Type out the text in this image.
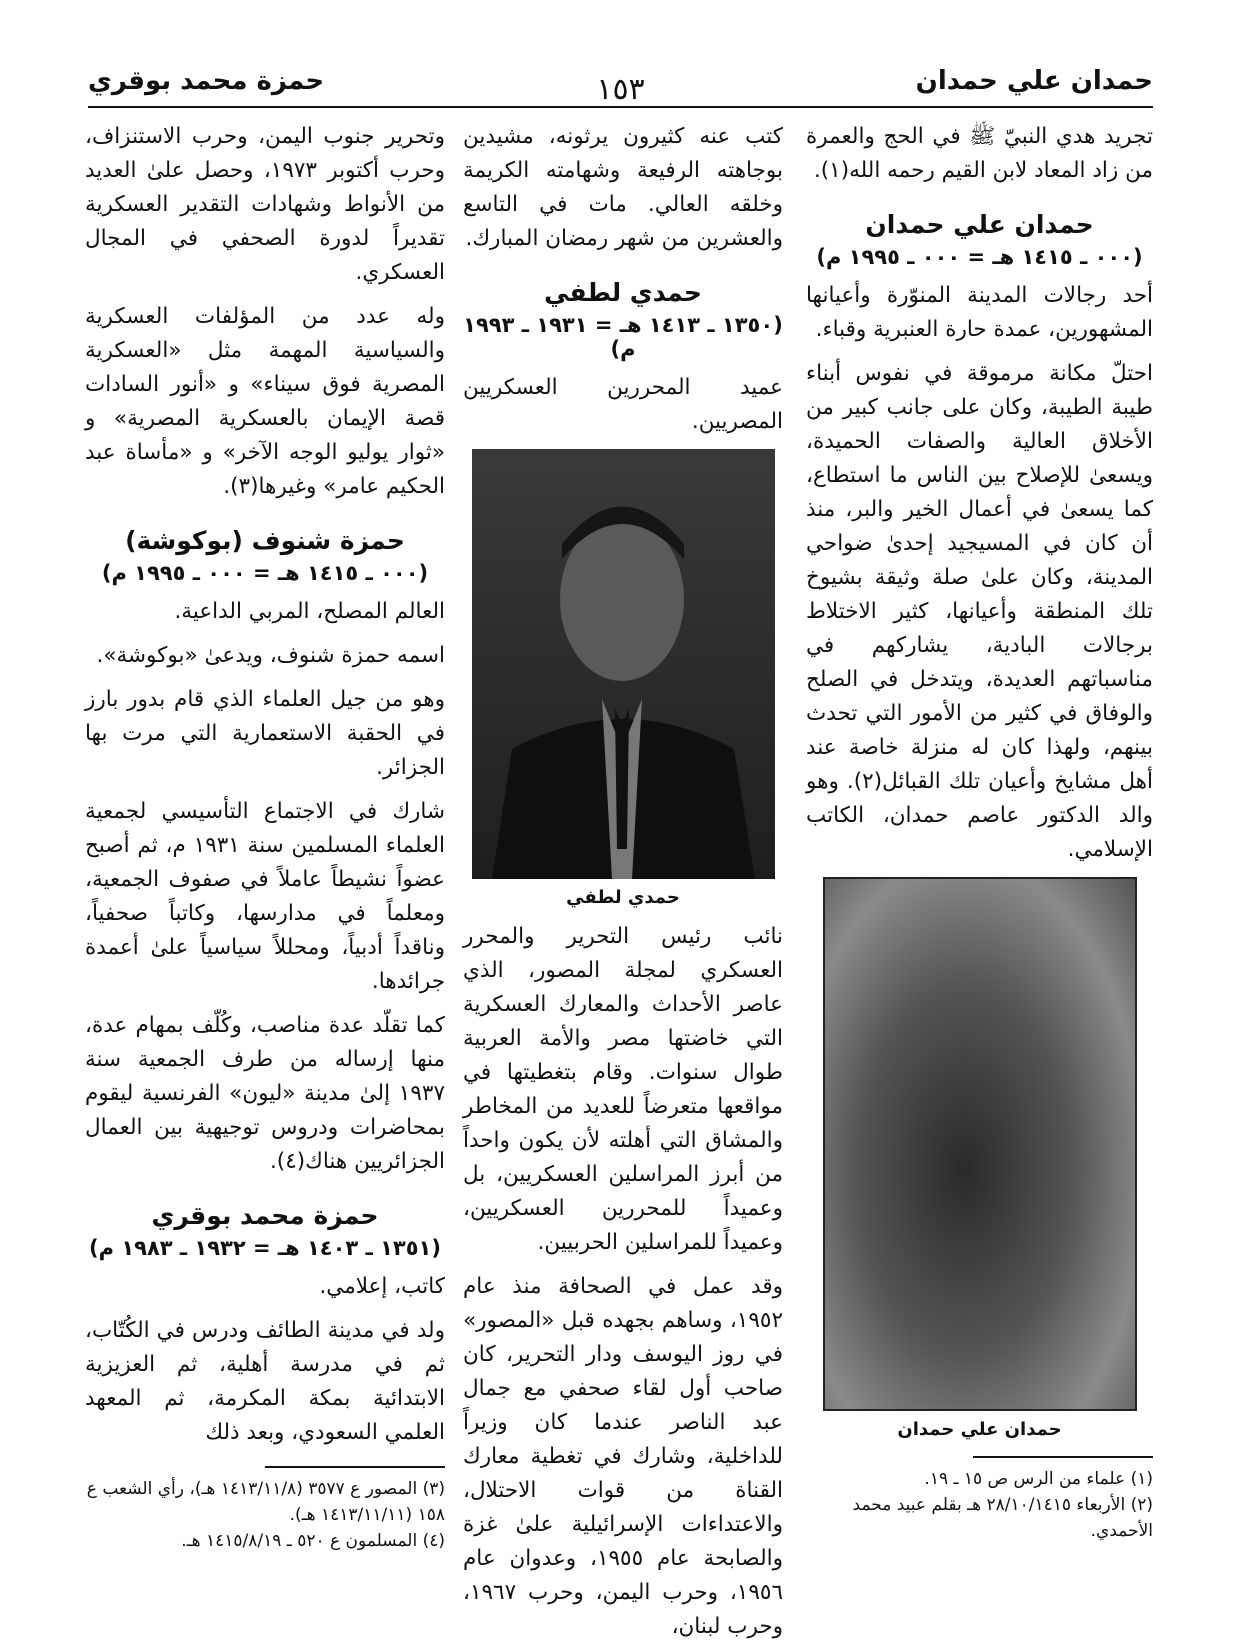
حمدان علي حمدان
١٥٣
حمزة محمد بوقري

تجريد هدي النبيّ ﷺ في الحج والعمرة من زاد المعاد لابن القيم رحمه الله(١).

حمدان علي حمدان
(٠٠٠ ـ ١٤١٥ هـ = ٠٠٠ ـ ١٩٩٥ م)

أحد رجالات المدينة المنوّرة وأعيانها المشهورين، عمدة حارة العنبرية وقباء.

احتلّ مكانة مرموقة في نفوس أبناء طيبة الطيبة، وكان على جانب كبير من الأخلاق العالية والصفات الحميدة، ويسعىٰ للإصلاح بين الناس ما استطاع، كما يسعىٰ في أعمال الخير والبر، منذ أن كان في المسيجيد إحدىٰ ضواحي المدينة، وكان علىٰ صلة وثيقة بشيوخ تلك المنطقة وأعيانها، كثير الاختلاط برجالات البادية، يشاركهم في مناسباتهم العديدة، ويتدخل في الصلح والوفاق في كثير من الأمور التي تحدث بينهم، ولهذا كان له منزلة خاصة عند أهل مشايخ وأعيان تلك القبائل(٢). وهو والد الدكتور عاصم حمدان، الكاتب الإسلامي.

حمدان علي حمدان

(١) علماء من الرس ص ١٥ ـ ١٩.

(٢) الأربعاء ٢٨/١٠/١٤١٥ هـ بقلم عبيد محمد الأحمدي.

كتب عنه كثيرون يرثونه، مشيدين بوجاهته الرفيعة وشهامته الكريمة وخلقه العالي. مات في التاسع والعشرين من شهر رمضان المبارك.

حمدي لطفي
(١٣٥٠ ـ ١٤١٣ هـ = ١٩٣١ ـ ١٩٩٣ م)

عميد المحررين العسكريين المصريين.

حمدي لطفي

نائب رئيس التحرير والمحرر العسكري لمجلة المصور، الذي عاصر الأحداث والمعارك العسكرية التي خاضتها مصر والأمة العربية طوال سنوات. وقام بتغطيتها في مواقعها متعرضاً للعديد من المخاطر والمشاق التي أهلته لأن يكون واحداً من أبرز المراسلين العسكريين، بل وعميداً للمحررين العسكريين، وعميداً للمراسلين الحربيين.

وقد عمل في الصحافة منذ عام ١٩٥٢، وساهم بجهده قبل «المصور» في روز اليوسف ودار التحرير، كان صاحب أول لقاء صحفي مع جمال عبد الناصر عندما كان وزيراً للداخلية، وشارك في تغطية معارك القناة من قوات الاحتلال، والاعتداءات الإسرائيلية علىٰ غزة والصابحة عام ١٩٥٥، وعدوان عام ١٩٥٦، وحرب اليمن، وحرب ١٩٦٧، وحرب لبنان،

وتحرير جنوب اليمن، وحرب الاستنزاف، وحرب أكتوبر ١٩٧٣، وحصل علىٰ العديد من الأنواط وشهادات التقدير العسكرية تقديراً لدورة الصحفي في المجال العسكري.

وله عدد من المؤلفات العسكرية والسياسية المهمة مثل «العسكرية المصرية فوق سيناء» و «أنور السادات قصة الإيمان بالعسكرية المصرية» و «ثوار يوليو الوجه الآخر» و «مأساة عبد الحكيم عامر» وغيرها(٣).

حمزة شنوف (بوكوشة)
(٠٠٠ ـ ١٤١٥ هـ = ٠٠٠ ـ ١٩٩٥ م)

العالم المصلح، المربي الداعية.

اسمه حمزة شنوف، ويدعىٰ «بوكوشة».

وهو من جيل العلماء الذي قام بدور بارز في الحقبة الاستعمارية التي مرت بها الجزائر.

شارك في الاجتماع التأسيسي لجمعية العلماء المسلمين سنة ١٩٣١ م، ثم أصبح عضواً نشيطاً عاملاً في صفوف الجمعية، ومعلماً في مدارسها، وكاتباً صحفياً، وناقداً أدبياً، ومحللاً سياسياً علىٰ أعمدة جرائدها.

كما تقلّد عدة مناصب، وكُلّف بمهام عدة، منها إرساله من طرف الجمعية سنة ١٩٣٧ إلىٰ مدينة «ليون» الفرنسية ليقوم بمحاضرات ودروس توجيهية بين العمال الجزائريين هناك(٤).

حمزة محمد بوقري
(١٣٥١ ـ ١٤٠٣ هـ = ١٩٣٢ ـ ١٩٨٣ م)

كاتب، إعلامي.

ولد في مدينة الطائف ودرس في الكُتّاب، ثم في مدرسة أهلية، ثم العزيزية الابتدائية بمكة المكرمة، ثم المعهد العلمي السعودي، وبعد ذلك

(٣) المصور ع ٣٥٧٧ (١٤١٣/١١/٨ هـ)، رأي الشعب ع ١٥٨ (١٤١٣/١١/١١ هـ).

(٤) المسلمون ع ٥٢٠ ـ ١٤١٥/٨/١٩ هـ.
